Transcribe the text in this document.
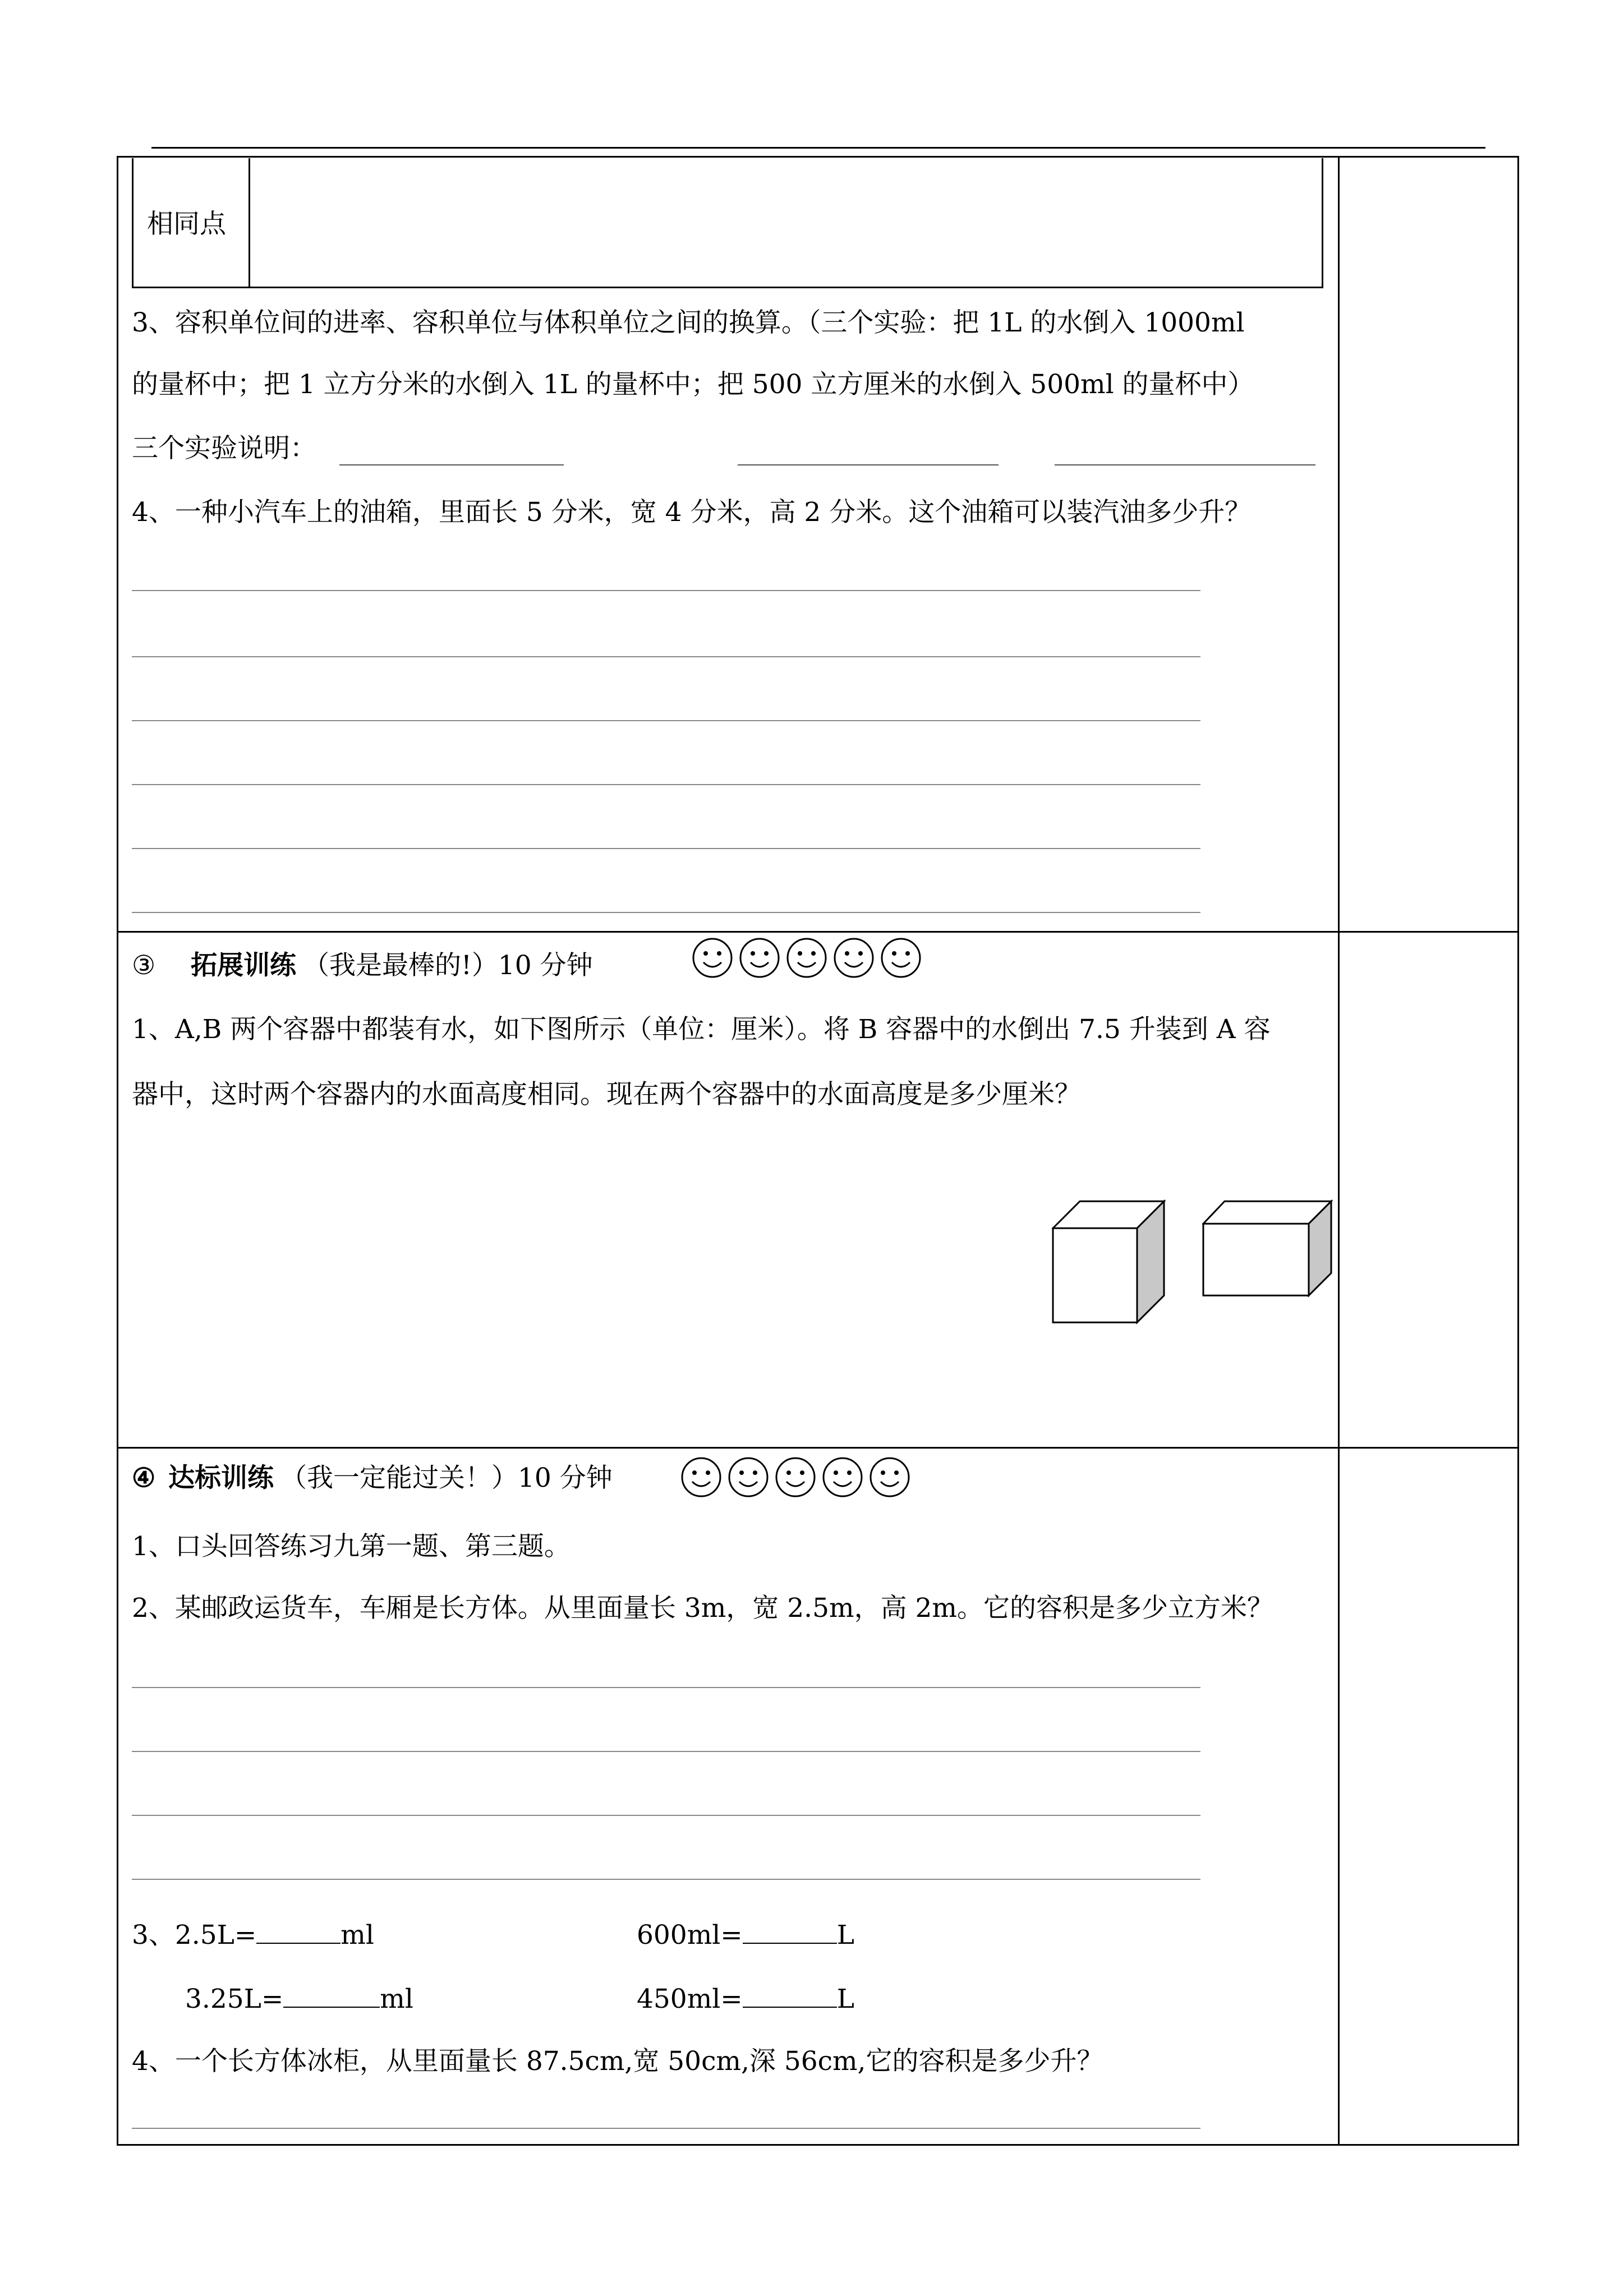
相同点
3、容积单位间的进率、容积单位与体积单位之间的换算。（三个实验：把 1L 的水倒入 1000ml
的量杯中；把 1 立方分米的水倒入 1L 的量杯中；把 500 立方厘米的水倒入 500ml 的量杯中）
三个实验说明：
4、一种小汽车上的油箱，里面长 5 分米，宽 4 分米，高 2 分米。这个油箱可以装汽油多少升？
③ 拓展训练 （我是最棒的!）10 分钟
1、A,B 两个容器中都装有水，如下图所示（单位：厘米）。将 B 容器中的水倒出 7.5 升装到 A 容
器中，这时两个容器内的水面高度相同。现在两个容器中的水面高度是多少厘米？
④ 达标训练 （我一定能过关！）10 分钟
1、口头回答练习九第一题、第三题。
2、某邮政运货车，车厢是长方体。从里面量长 3m，宽 2.5m，高 2m。它的容积是多少立方米？
3、2.5L=	ml	600ml=	L
3.25L=	ml	450ml=	L
4、一个长方体冰柜，从里面量长 87.5cm,宽 50cm,深 56cm,它的容积是多少升？
